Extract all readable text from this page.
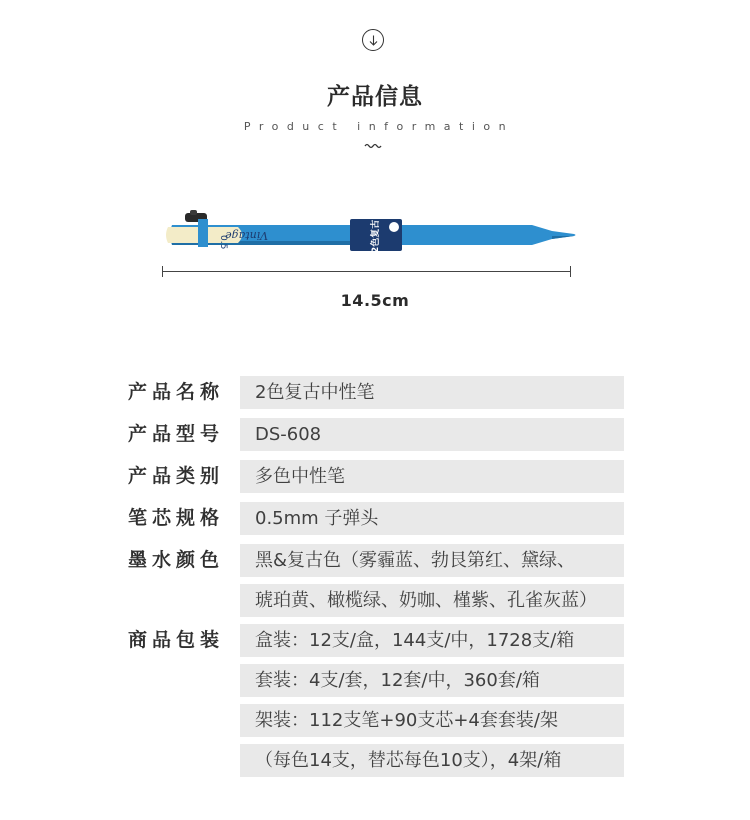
产品信息
Product information
Vintage
0.5	2色复古
14.5cm
产品名称
产品型号
产品类别
笔芯规格
墨水颜色
商品包装
2色复古中性笔
DS-608
多色中性笔
0.5mm 子弹头
黑&复古色（雾霾蓝、勃艮第红、黛绿、
琥珀黄、橄榄绿、奶咖、槿紫、孔雀灰蓝）
盒装：12支/盒，144支/中，1728支/箱
套装：4支/套，12套/中，360套/箱
架装：112支笔+90支芯+4套套装/架
（每色14支，替芯每色10支），4架/箱
